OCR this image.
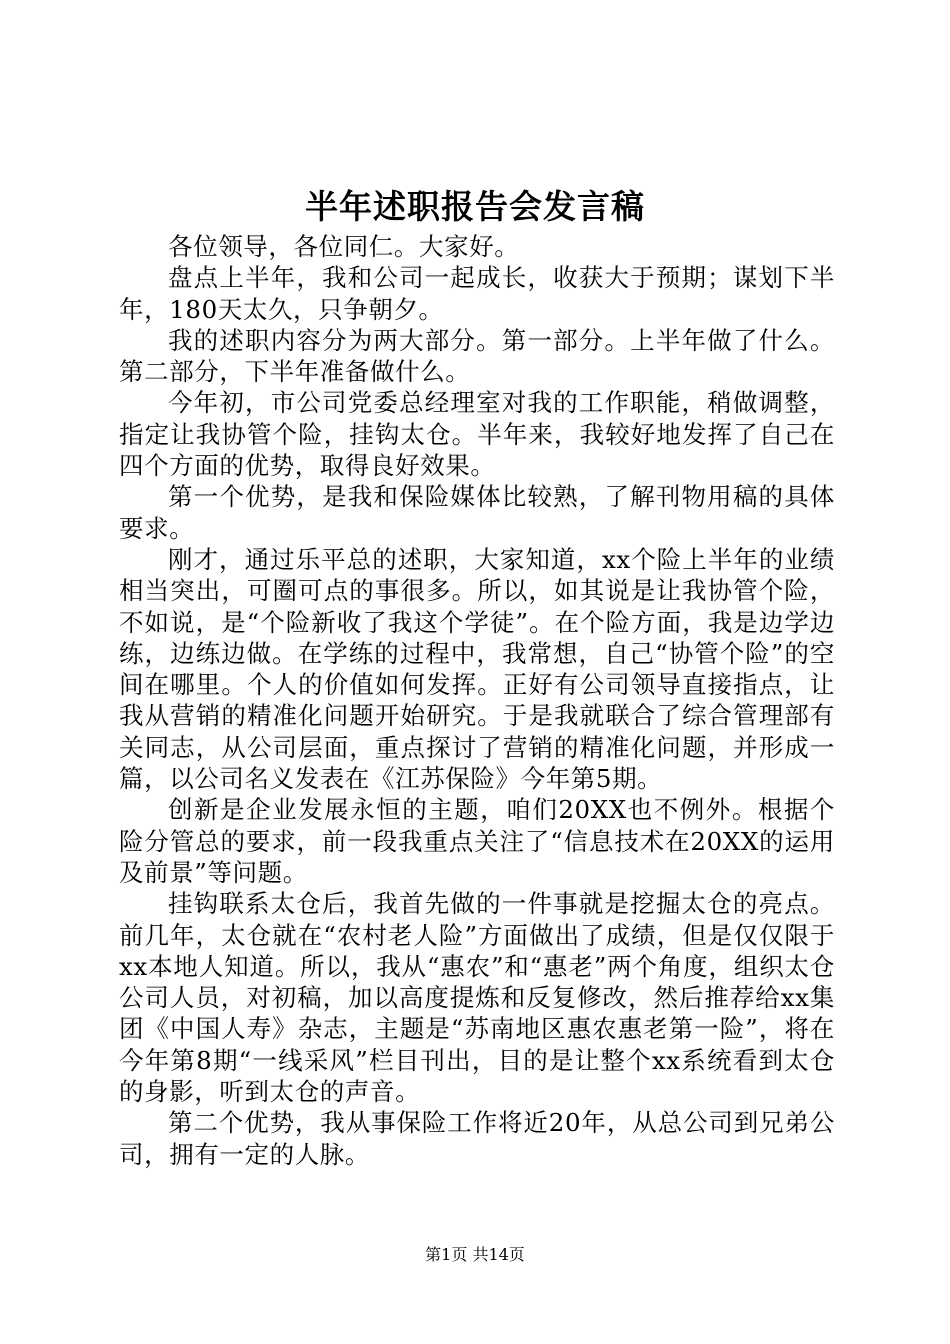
半年述职报告会发言稿

各位领导，各位同仁。大家好。

盘点上半年，我和公司一起成长，收获大于预期；谋划下半年，180天太久，只争朝夕。

我的述职内容分为两大部分。第一部分。上半年做了什么。第二部分，下半年准备做什么。

今年初，市公司党委总经理室对我的工作职能，稍做调整，指定让我协管个险，挂钩太仓。半年来，我较好地发挥了自己在四个方面的优势，取得良好效果。

第一个优势，是我和保险媒体比较熟，了解刊物用稿的具体要求。

刚才，通过乐平总的述职，大家知道，xx个险上半年的业绩相当突出，可圈可点的事很多。所以，如其说是让我协管个险，不如说，是“个险新收了我这个学徒”。在个险方面，我是边学边练，边练边做。在学练的过程中，我常想，自己“协管个险”的空间在哪里。个人的价值如何发挥。正好有公司领导直接指点，让我从营销的精准化问题开始研究。于是我就联合了综合管理部有关同志，从公司层面，重点探讨了营销的精准化问题，并形成一篇，以公司名义发表在《江苏保险》今年第5期。

创新是企业发展永恒的主题，咱们20XX也不例外。根据个险分管总的要求，前一段我重点关注了“信息技术在20XX的运用及前景”等问题。

挂钩联系太仓后，我首先做的一件事就是挖掘太仓的亮点。前几年，太仓就在“农村老人险”方面做出了成绩，但是仅仅限于xx本地人知道。所以，我从“惠农”和“惠老”两个角度，组织太仓公司人员，对初稿，加以高度提炼和反复修改，然后推荐给xx集团《中国人寿》杂志，主题是“苏南地区惠农惠老第一险”，将在今年第8期“一线采风”栏目刊出，目的是让整个xx系统看到太仓的身影，听到太仓的声音。

第二个优势，我从事保险工作将近20年，从总公司到兄弟公司，拥有一定的人脉。

第1页 共14页
